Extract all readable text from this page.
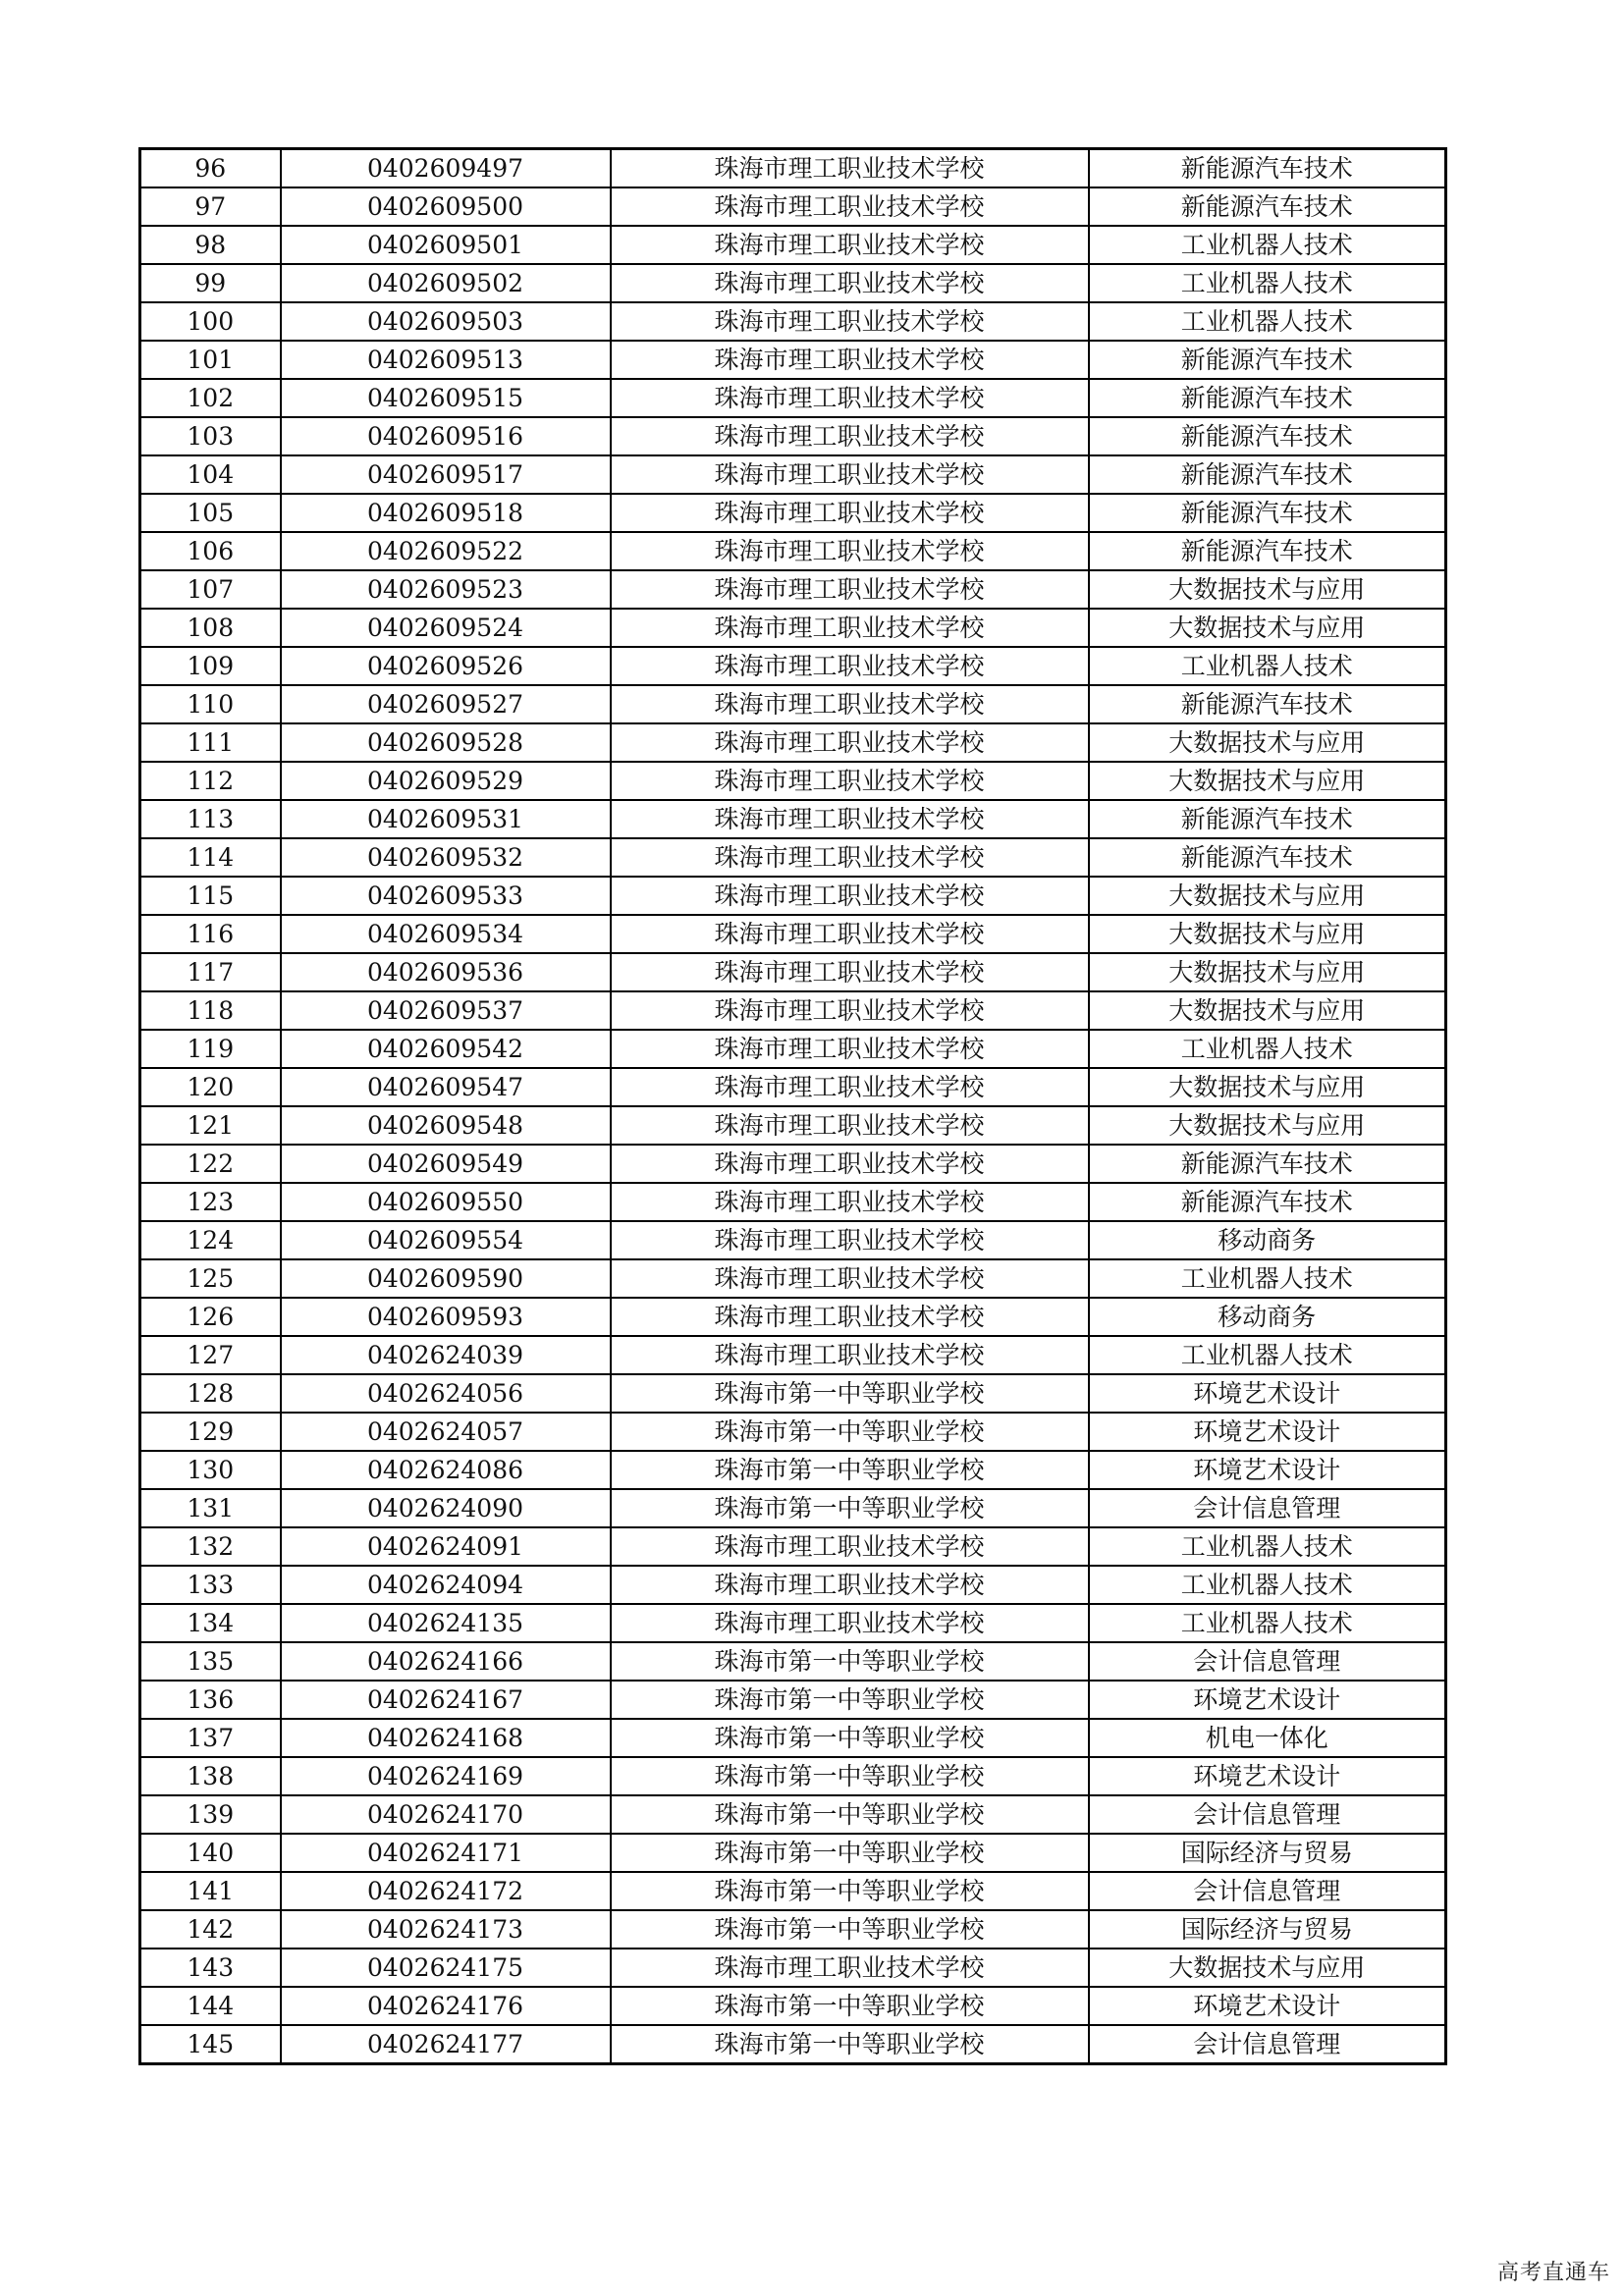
96	0402609497	珠海市理工职业技术学校	新能源汽车技术
97	0402609500	珠海市理工职业技术学校	新能源汽车技术
98	0402609501	珠海市理工职业技术学校	工业机器人技术
99	0402609502	珠海市理工职业技术学校	工业机器人技术
100	0402609503	珠海市理工职业技术学校	工业机器人技术
101	0402609513	珠海市理工职业技术学校	新能源汽车技术
102	0402609515	珠海市理工职业技术学校	新能源汽车技术
103	0402609516	珠海市理工职业技术学校	新能源汽车技术
104	0402609517	珠海市理工职业技术学校	新能源汽车技术
105	0402609518	珠海市理工职业技术学校	新能源汽车技术
106	0402609522	珠海市理工职业技术学校	新能源汽车技术
107	0402609523	珠海市理工职业技术学校	大数据技术与应用
108	0402609524	珠海市理工职业技术学校	大数据技术与应用
109	0402609526	珠海市理工职业技术学校	工业机器人技术
110	0402609527	珠海市理工职业技术学校	新能源汽车技术
111	0402609528	珠海市理工职业技术学校	大数据技术与应用
112	0402609529	珠海市理工职业技术学校	大数据技术与应用
113	0402609531	珠海市理工职业技术学校	新能源汽车技术
114	0402609532	珠海市理工职业技术学校	新能源汽车技术
115	0402609533	珠海市理工职业技术学校	大数据技术与应用
116	0402609534	珠海市理工职业技术学校	大数据技术与应用
117	0402609536	珠海市理工职业技术学校	大数据技术与应用
118	0402609537	珠海市理工职业技术学校	大数据技术与应用
119	0402609542	珠海市理工职业技术学校	工业机器人技术
120	0402609547	珠海市理工职业技术学校	大数据技术与应用
121	0402609548	珠海市理工职业技术学校	大数据技术与应用
122	0402609549	珠海市理工职业技术学校	新能源汽车技术
123	0402609550	珠海市理工职业技术学校	新能源汽车技术
124	0402609554	珠海市理工职业技术学校	移动商务
125	0402609590	珠海市理工职业技术学校	工业机器人技术
126	0402609593	珠海市理工职业技术学校	移动商务
127	0402624039	珠海市理工职业技术学校	工业机器人技术
128	0402624056	珠海市第一中等职业学校	环境艺术设计
129	0402624057	珠海市第一中等职业学校	环境艺术设计
130	0402624086	珠海市第一中等职业学校	环境艺术设计
131	0402624090	珠海市第一中等职业学校	会计信息管理
132	0402624091	珠海市理工职业技术学校	工业机器人技术
133	0402624094	珠海市理工职业技术学校	工业机器人技术
134	0402624135	珠海市理工职业技术学校	工业机器人技术
135	0402624166	珠海市第一中等职业学校	会计信息管理
136	0402624167	珠海市第一中等职业学校	环境艺术设计
137	0402624168	珠海市第一中等职业学校	机电一体化
138	0402624169	珠海市第一中等职业学校	环境艺术设计
139	0402624170	珠海市第一中等职业学校	会计信息管理
140	0402624171	珠海市第一中等职业学校	国际经济与贸易
141	0402624172	珠海市第一中等职业学校	会计信息管理
142	0402624173	珠海市第一中等职业学校	国际经济与贸易
143	0402624175	珠海市理工职业技术学校	大数据技术与应用
144	0402624176	珠海市第一中等职业学校	环境艺术设计
145	0402624177	珠海市第一中等职业学校	会计信息管理
高考直通车
